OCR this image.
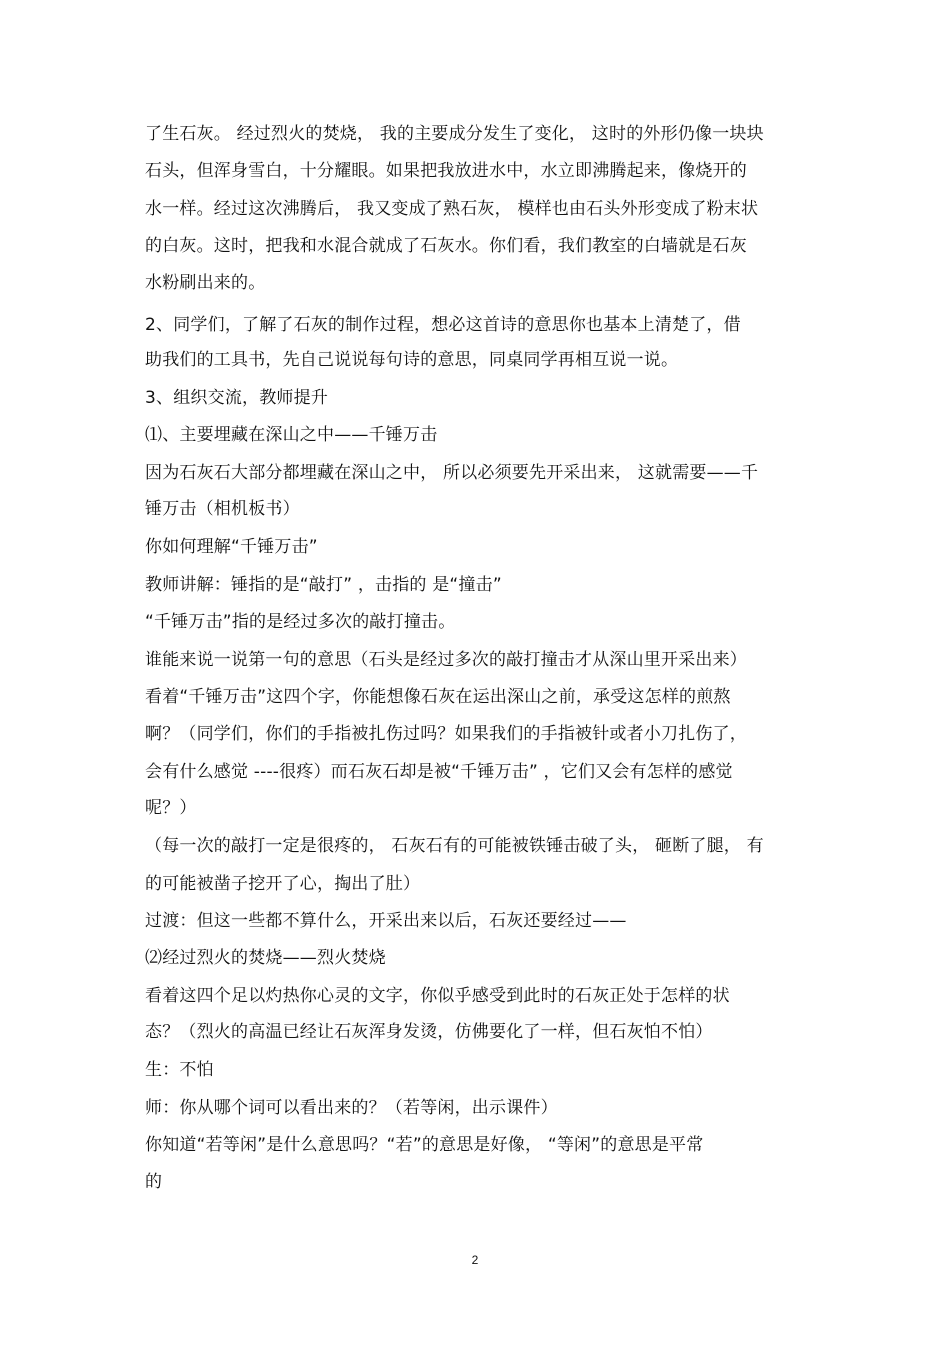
了生石灰。 经过烈火的焚烧， 我的主要成分发生了变化， 这时的外形仍像一块块
石头，但浑身雪白，十分耀眼。如果把我放进水中，水立即沸腾起来，像烧开的
水一样。经过这次沸腾后， 我又变成了熟石灰， 模样也由石头外形变成了粉末状
的白灰。这时，把我和水混合就成了石灰水。你们看，我们教室的白墙就是石灰
水粉刷出来的。
2、同学们，了解了石灰的制作过程，想必这首诗的意思你也基本上清楚了，借
助我们的工具书，先自己说说每句诗的意思，同桌同学再相互说一说。
3、组织交流，教师提升
⑴、主要埋藏在深山之中——千锤万击
因为石灰石大部分都埋藏在深山之中， 所以必须要先开采出来， 这就需要——千
锤万击（相机板书）
你如何理解“千锤万击”
教师讲解：锤指的是“敲打” ，击指的 是“撞击”
“千锤万击”指的是经过多次的敲打撞击。
谁能来说一说第一句的意思（石头是经过多次的敲打撞击才从深山里开采出来）
看着“千锤万击”这四个字，你能想像石灰在运出深山之前，承受这怎样的煎熬
啊？（同学们，你们的手指被扎伤过吗？如果我们的手指被针或者小刀扎伤了，
会有什么感觉 ----很疼）而石灰石却是被“千锤万击” ，它们又会有怎样的感觉
呢？）
（每一次的敲打一定是很疼的， 石灰石有的可能被铁锤击破了头， 砸断了腿， 有
的可能被凿子挖开了心，掏出了肚）
过渡：但这一些都不算什么，开采出来以后，石灰还要经过——
⑵经过烈火的焚烧——烈火焚烧
看着这四个足以灼热你心灵的文字，你似乎感受到此时的石灰正处于怎样的状
态？（烈火的高温已经让石灰浑身发烫，仿佛要化了一样，但石灰怕不怕）
生：不怕
师：你从哪个词可以看出来的？（若等闲，出示课件）
你知道“若等闲”是什么意思吗？“若”的意思是好像， “等闲”的意思是平常
的
2
